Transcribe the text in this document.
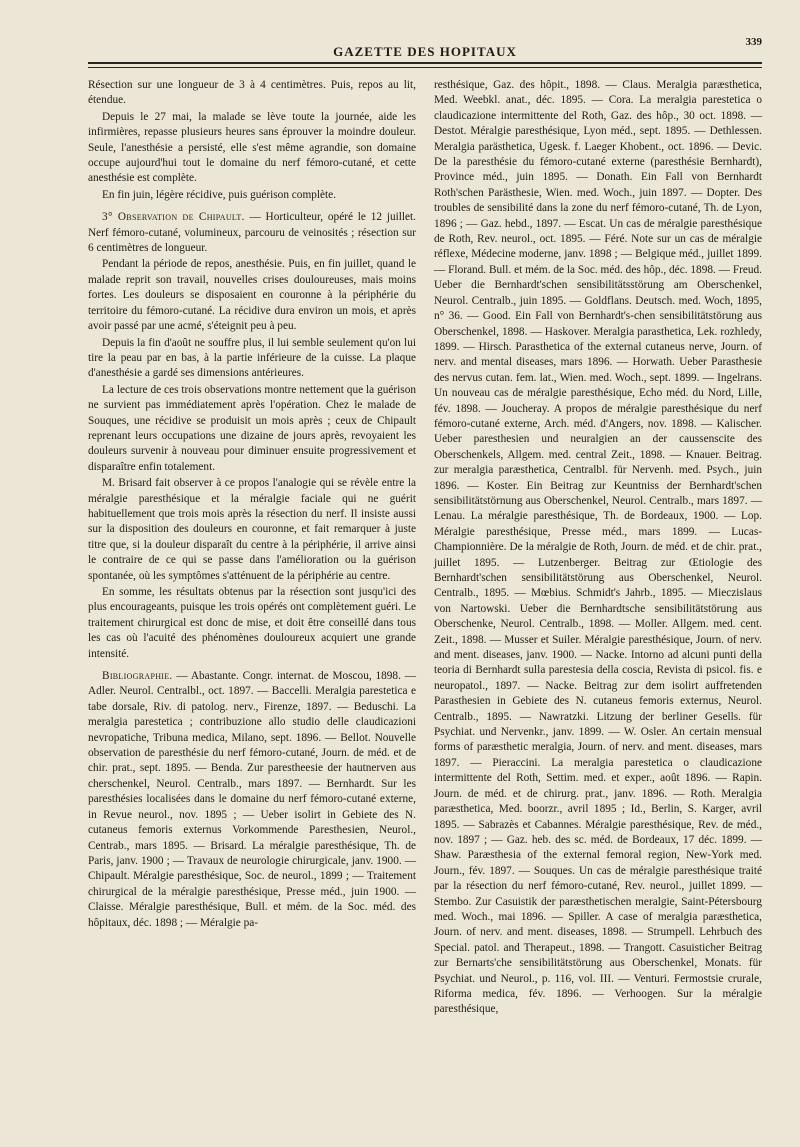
GAZETTE DES HOPITAUX
339

Résection sur une longueur de 3 à 4 centimètres. Puis, repos au lit, étendue.

Depuis le 27 mai, la malade se lève toute la journée, aide les infirmières, repasse plusieurs heures sans éprouver la moindre douleur. Seule, l'anesthésie a persisté, elle s'est même agrandie, son domaine occupe aujourd'hui tout le domaine du nerf fémoro-cutané, et cette anesthésie est complète.

En fin juin, légère récidive, puis guérison complète.

3° Observation de Chipault. — Horticulteur, opéré le 12 juillet. Nerf fémoro-cutané, volumineux, parcouru de veinosités ; résection sur 6 centimètres de longueur.

Pendant la période de repos, anesthésie. Puis, en fin juillet, quand le malade reprit son travail, nouvelles crises douloureuses, mais moins fortes. Les douleurs se disposaient en couronne à la périphérie du territoire du fémoro-cutané. La récidive dura environ un mois, et après avoir passé par une acmé, s'éteignit peu à peu.

Depuis la fin d'août ne souffre plus, il lui semble seulement qu'on lui tire la peau par en bas, à la partie inférieure de la cuisse. La plaque d'anesthésie a gardé ses dimensions antérieures.

La lecture de ces trois observations montre nettement que la guérison ne survient pas immédiatement après l'opération. Chez le malade de Souques, une récidive se produisit un mois après ; ceux de Chipault reprenant leurs occupations une dizaine de jours après, revoyaient les douleurs survenir à nouveau pour diminuer ensuite progressivement et disparaître enfin totalement.

M. Brisard fait observer à ce propos l'analogie qui se révèle entre la méralgie paresthésique et la méralgie faciale qui ne guérit habituellement que trois mois après la résection du nerf. Il insiste aussi sur la disposition des douleurs en couronne, et fait remarquer à juste titre que, si la douleur disparaît du centre à la périphérie, il arrive ainsi le contraire de ce qui se passe dans l'amélioration ou la guérison spontanée, où les symptômes s'atténuent de la périphérie au centre.

En somme, les résultats obtenus par la résection sont jusqu'ici des plus encourageants, puisque les trois opérés ont complètement guéri. Le traitement chirurgical est donc de mise, et doit être conseillé dans tous les cas où l'acuité des phénomènes douloureux acquiert une grande intensité.

Bibliographie. — Abastante. Congr. internat. de Moscou, 1898. — Adler. Neurol. Centralbl., oct. 1897. — Baccelli. Meralgia parestetica e tabe dorsale, Riv. di patolog. nerv., Firenze, 1897. — Beduschi. La meralgia parestetica ; contribuzione allo studio delle claudicazioni nevropatiche, Tribuna medica, Milano, sept. 1896. — Bellot. Nouvelle observation de paresthésie du nerf fémoro-cutané, Journ. de méd. et de chir. prat., sept. 1895. — Benda. Zur parestheesie der hautnerven aus cherschenkel, Neurol. Centralb., mars 1897. — Bernhardt. Sur les paresthésies localisées dans le domaine du nerf fémoro-cutané externe, in Revue neurol., nov. 1895 ; — Ueber isolirt in Gebiete des N. cutaneus femoris externus Vorkommende Paresthesien, Neurol., Centrab., mars 1895. — Brisard. La méralgie paresthésique, Th. de Paris, janv. 1900 ; — Travaux de neurologie chirurgicale, janv. 1900. — Chipault. Méralgie paresthésique, Soc. de neurol., 1899 ; — Traitement chirurgical de la méralgie paresthésique, Presse méd., juin 1900. — Claisse. Méralgie paresthésique, Bull. et mém. de la Soc. méd. des hôpitaux, déc. 1898 ; — Méralgie pa-

resthésique, Gaz. des hôpit., 1898. — Claus. Meralgia paræsthetica, Med. Weebkl. anat., déc. 1895. — Cora. La meralgia parestetica o claudicazione intermittente del Roth, Gaz. des hôp., 30 oct. 1898. — Destot. Méralgie paresthésique, Lyon méd., sept. 1895. — Dethlessen. Meralgia parästhetica, Ugesk. f. Laeger Khobent., oct. 1896. — Devic. De la paresthésie du fémoro-cutané externe (paresthésie Bernhardt), Province méd., juin 1895. — Donath. Ein Fall von Bernhardt Roth'schen Parästhesie, Wien. med. Woch., juin 1897. — Dopter. Des troubles de sensibilité dans la zone du nerf fémoro-cutané, Th. de Lyon, 1896 ; — Gaz. hebd., 1897. — Escat. Un cas de méralgie paresthésique de Roth, Rev. neurol., oct. 1895. — Féré. Note sur un cas de méralgie réflexe, Médecine moderne, janv. 1898 ; — Belgique méd., juillet 1899. — Florand. Bull. et mém. de la Soc. méd. des hôp., déc. 1898. — Freud. Ueber die Bernhardt'schen sensibilitätsstörung am Oberschenkel, Neurol. Centralb., juin 1895. — Goldflans. Deutsch. med. Woch, 1895, n° 36. — Good. Ein Fall von Bernhardt's-chen sensibilitätstörung aus Oberschenkel, 1898. — Haskover. Meralgia parasthetica, Lek. rozhledy, 1899. — Hirsch. Parasthetica of the external cutaneus nerve, Journ. of nerv. and mental diseases, mars 1896. — Horwath. Ueber Parasthesie des nervus cutan. fem. lat., Wien. med. Woch., sept. 1899. — Ingelrans. Un nouveau cas de méralgie paresthésique, Echo méd. du Nord, Lille, fév. 1898. — Joucheray. A propos de méralgie paresthésique du nerf fémoro-cutané externe, Arch. méd. d'Angers, nov. 1898. — Kalischer. Ueber paresthesien und neuralgien an der caussenscite des Oberschenkels, Allgem. med. central Zeit., 1898. — Knauer. Beitrag. zur meralgia paræsthetica, Centralbl. für Nervenh. med. Psych., juin 1896. — Koster. Ein Beitrag zur Keuntniss der Bernhardt'schen sensibilitätstörnung aus Oberschenkel, Neurol. Centralb., mars 1897. — Lenau. La méralgie paresthésique, Th. de Bordeaux, 1900. — Lop. Méralgie paresthésique, Presse méd., mars 1899. — Lucas-Championnière. De la méralgie de Roth, Journ. de méd. et de chir. prat., juillet 1895. — Lutzenberger. Beitrag zur Œtiologie des Bernhardt'schen sensibilitätstörung aus Oberschenkel, Neurol. Centralb., 1895. — Mœbius. Schmidt's Jahrb., 1895. — Mieczislaus von Nartowski. Ueber die Bernhardtsche sensibilitätstörung aus Oberschenke, Neurol. Centralb., 1898. — Moller. Allgem. med. cent. Zeit., 1898. — Musser et Suiler. Méralgie paresthésique, Journ. of nerv. and ment. diseases, janv. 1900. — Nacke. Intorno ad alcuni punti della teoria di Bernhardt sulla parestesia della coscia, Revista di psicol. fis. e neuropatol., 1897. — Nacke. Beitrag zur dem isolirt auffretenden Parasthesien in Gebiete des N. cutaneus femoris externus, Neurol. Centralb., 1895. — Nawratzki. Litzung der berliner Gesells. für Psychiat. und Nervenkr., janv. 1899. — W. Osler. An certain mensual forms of paræsthetic meralgia, Journ. of nerv. and ment. diseases, mars 1897. — Pieraccini. La meralgia parestetica o claudicazione intermittente del Roth, Settim. med. et exper., août 1896. — Rapin. Journ. de méd. et de chirurg. prat., janv. 1896. — Roth. Meralgia paræsthetica, Med. boorzr., avril 1895 ; Id., Berlin, S. Karger, avril 1895. — Sabrazès et Cabannes. Méralgie paresthésique, Rev. de méd., nov. 1897 ; — Gaz. heb. des sc. méd. de Bordeaux, 17 déc. 1899. — Shaw. Paræsthesia of the external femoral region, New-York med. Journ., fév. 1897. — Souques. Un cas de méralgie paresthésique traité par la résection du nerf fémoro-cutané, Rev. neurol., juillet 1899. — Stembo. Zur Casuistik der paræsthetischen meralgie, Saint-Pétersbourg med. Woch., mai 1896. — Spiller. A case of meralgia paræsthetica, Journ. of nerv. and ment. diseases, 1898. — Strumpell. Lehrbuch des Special. patol. and Therapeut., 1898. — Trangott. Casuisticher Beitrag zur Bernarts'che sensibilitätstörung aus Oberschenkel, Monats. für Psychiat. und Neurol., p. 116, vol. III. — Venturi. Fermostsie crurale, Riforma medica, fév. 1896. — Verhoogen. Sur la méralgie paresthésique,
